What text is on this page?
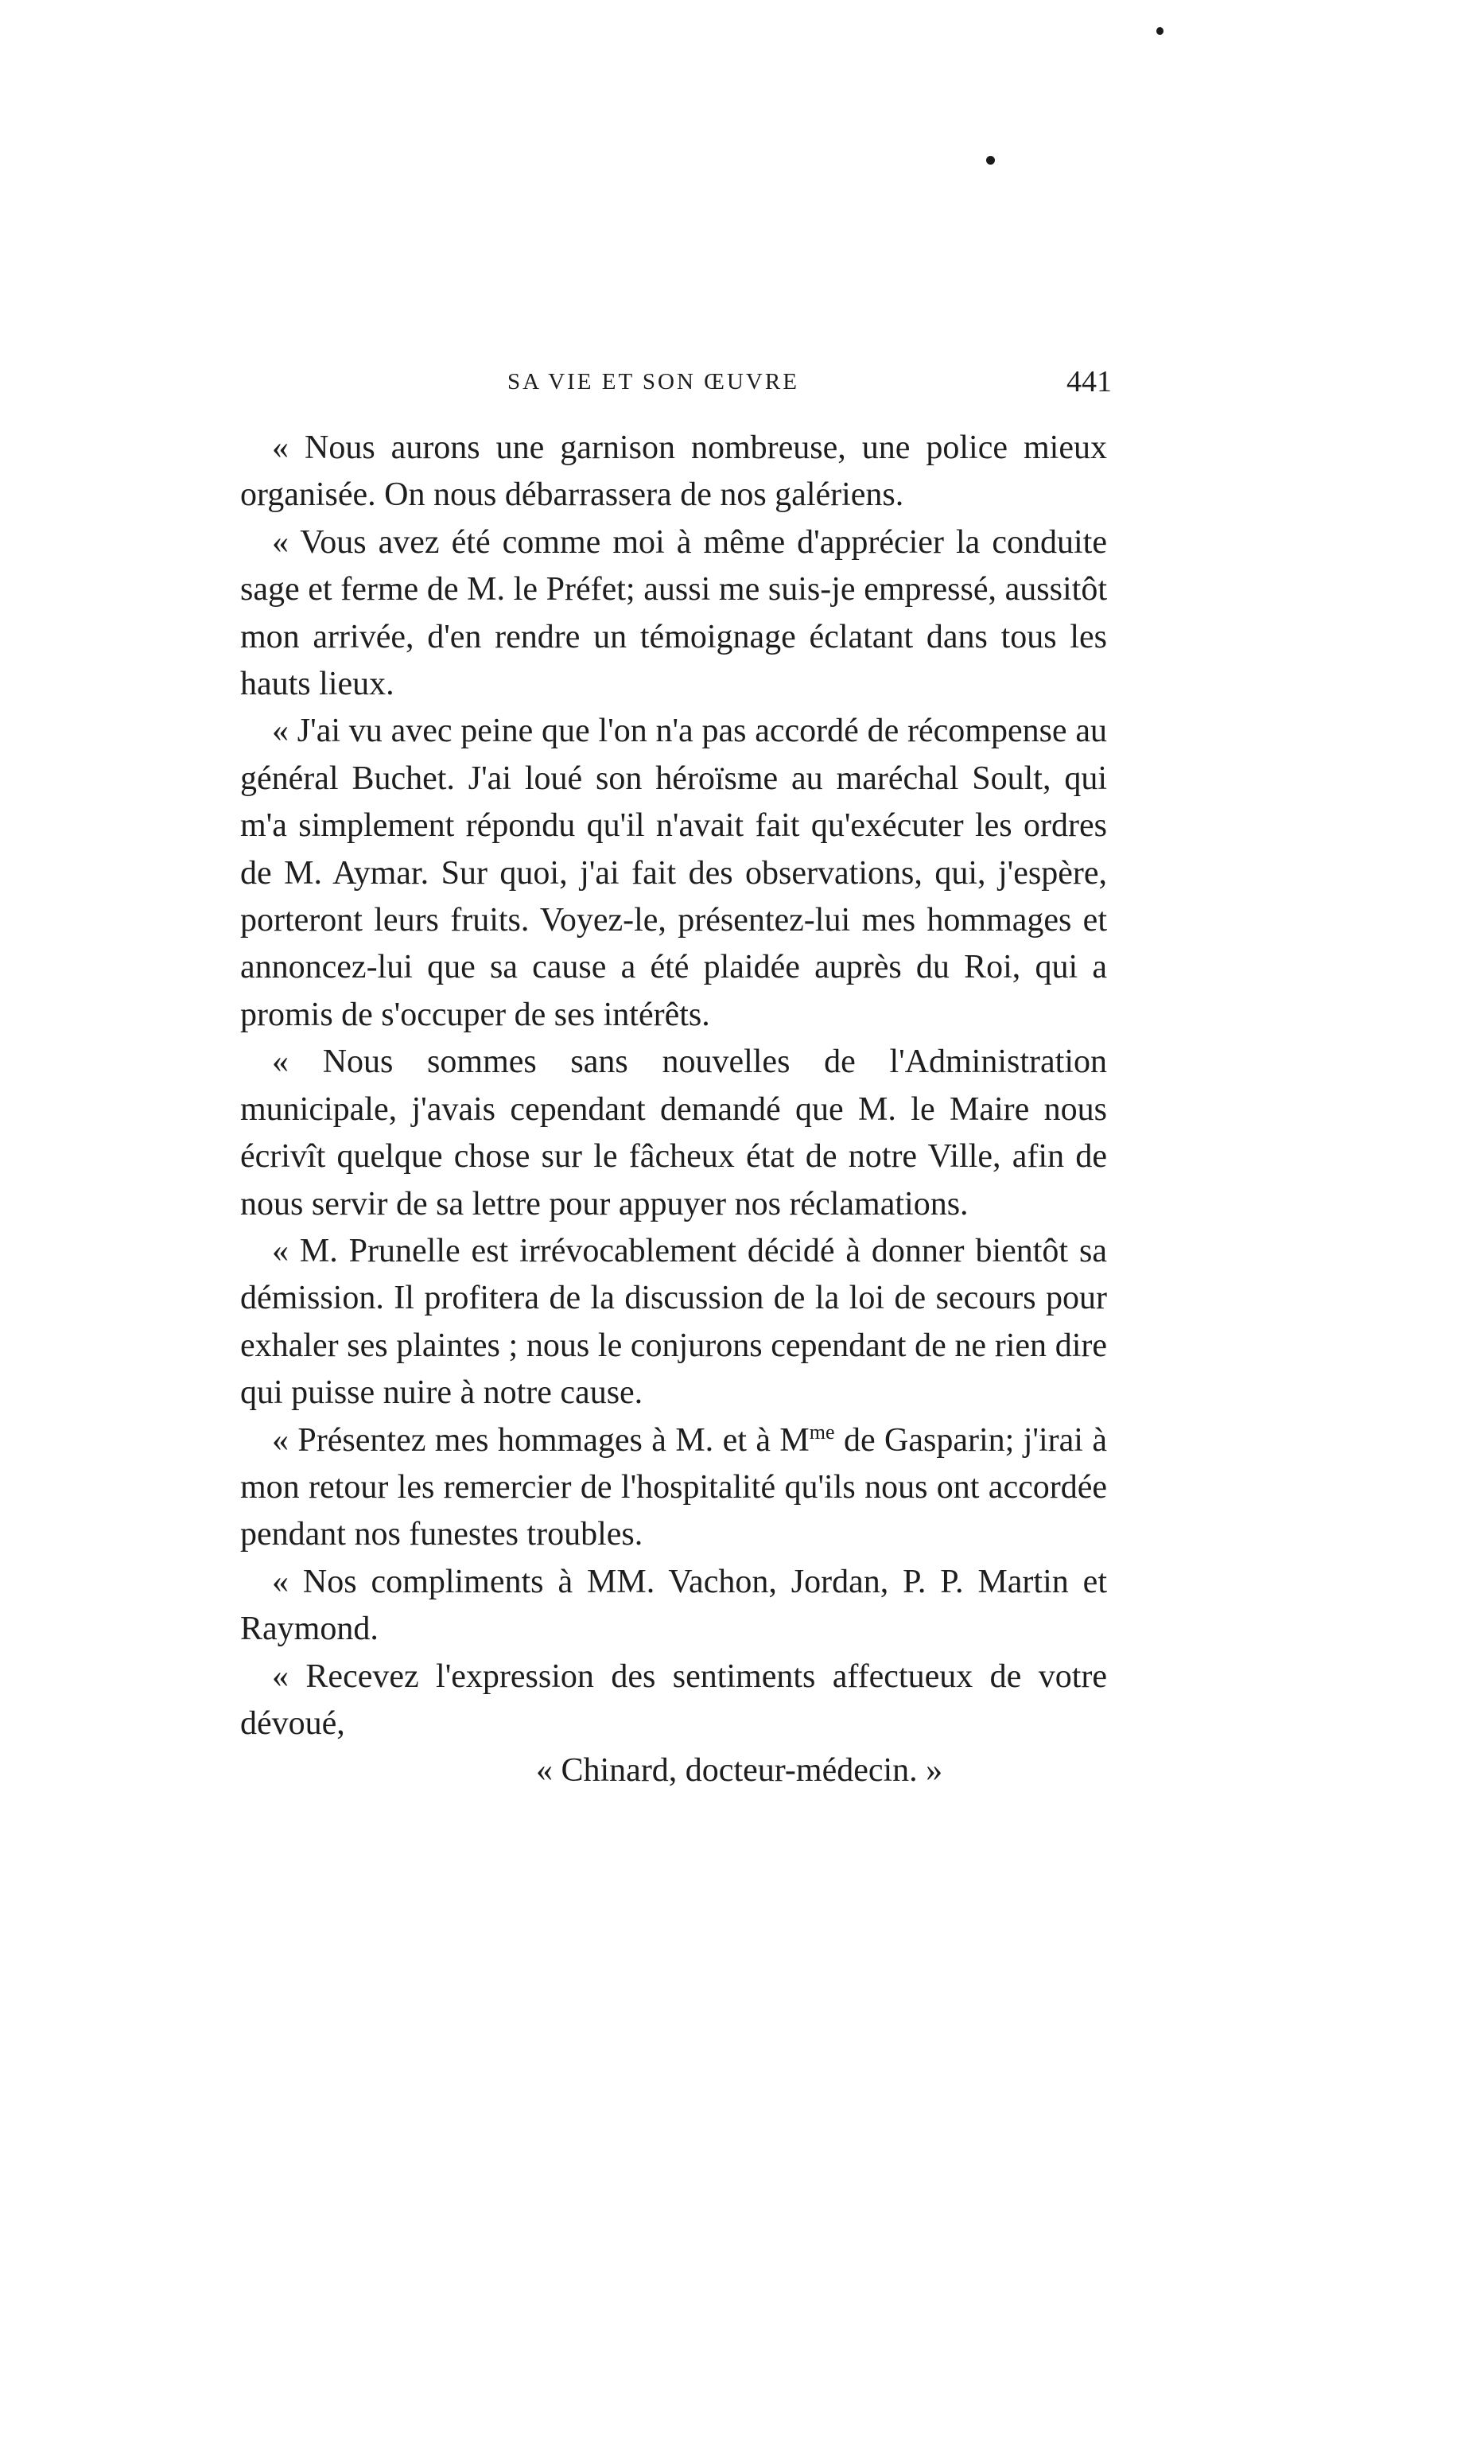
SA VIE ET SON ŒUVRE	441

« Nous aurons une garnison nombreuse, une police mieux organisée. On nous débarrassera de nos galériens.

« Vous avez été comme moi à même d'apprécier la conduite sage et ferme de M. le Préfet; aussi me suis-je empressé, aussitôt mon arrivée, d'en rendre un témoignage éclatant dans tous les hauts lieux.

« J'ai vu avec peine que l'on n'a pas accordé de récompense au général Buchet. J'ai loué son héroïsme au maréchal Soult, qui m'a simplement répondu qu'il n'avait fait qu'exécuter les ordres de M. Aymar. Sur quoi, j'ai fait des observations, qui, j'espère, porteront leurs fruits. Voyez-le, présentez-lui mes hommages et annoncez-lui que sa cause a été plaidée auprès du Roi, qui a promis de s'occuper de ses intérêts.

« Nous sommes sans nouvelles de l'Administration municipale, j'avais cependant demandé que M. le Maire nous écrivît quelque chose sur le fâcheux état de notre Ville, afin de nous servir de sa lettre pour appuyer nos réclamations.

« M. Prunelle est irrévocablement décidé à donner bientôt sa démission. Il profitera de la discussion de la loi de secours pour exhaler ses plaintes ; nous le conjurons cependant de ne rien dire qui puisse nuire à notre cause.

« Présentez mes hommages à M. et à $M^{me}$ de Gasparin; j'irai à mon retour les remercier de l'hospitalité qu'ils nous ont accordée pendant nos funestes troubles.

« Nos compliments à MM. Vachon, Jordan, P. P. Martin et Raymond.

« Recevez l'expression des sentiments affectueux de votre dévoué,

« Chinard, docteur-médecin. »
